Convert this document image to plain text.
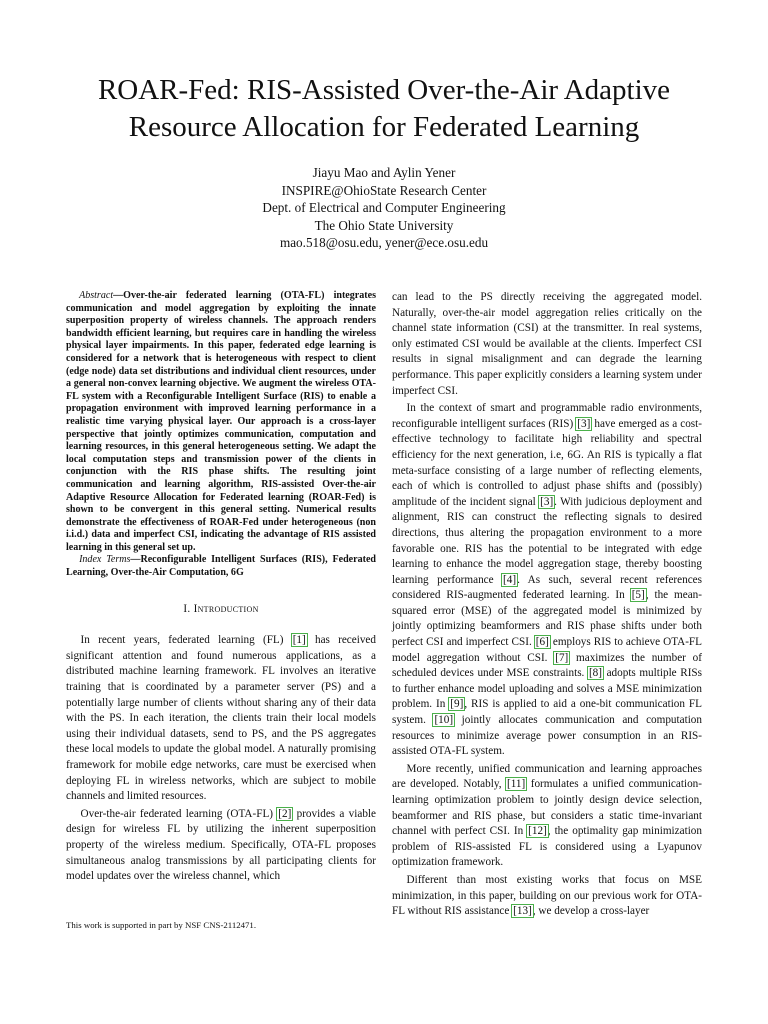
ROAR-Fed: RIS-Assisted Over-the-Air Adaptive Resource Allocation for Federated Learning
Jiayu Mao and Aylin Yener
INSPIRE@OhioState Research Center
Dept. of Electrical and Computer Engineering
The Ohio State University
mao.518@osu.edu, yener@ece.osu.edu

Abstract—Over-the-air federated learning (OTA-FL) integrates communication and model aggregation by exploiting the innate superposition property of wireless channels. The approach renders bandwidth efficient learning, but requires care in handling the wireless physical layer impairments. In this paper, federated edge learning is considered for a network that is heterogeneous with respect to client (edge node) data set distributions and individual client resources, under a general non-convex learning objective. We augment the wireless OTA-FL system with a Reconfigurable Intelligent Surface (RIS) to enable a propagation environment with improved learning performance in a realistic time varying physical layer. Our approach is a cross-layer perspective that jointly optimizes communication, computation and learning resources, in this general heterogeneous setting. We adapt the local computation steps and transmission power of the clients in conjunction with the RIS phase shifts. The resulting joint communication and learning algorithm, RIS-assisted Over-the-air Adaptive Resource Allocation for Federated learning (ROAR-Fed) is shown to be convergent in this general setting. Numerical results demonstrate the effectiveness of ROAR-Fed under heterogeneous (non i.i.d.) data and imperfect CSI, indicating the advantage of RIS assisted learning in this general set up.

Index Terms—Reconfigurable Intelligent Surfaces (RIS), Federated Learning, Over-the-Air Computation, 6G

I. Introduction

In recent years, federated learning (FL) [1] has received significant attention and found numerous applications, as a distributed machine learning framework. FL involves an iterative training that is coordinated by a parameter server (PS) and a potentially large number of clients without sharing any of their data with the PS. In each iteration, the clients train their local models using their individual datasets, send to PS, and the PS aggregates these local models to update the global model. A naturally promising framework for mobile edge networks, care must be exercised when deploying FL in wireless networks, which are subject to mobile channels and limited resources.

Over-the-air federated learning (OTA-FL) [2] provides a viable design for wireless FL by utilizing the inherent superposition property of the wireless medium. Specifically, OTA-FL proposes simultaneous analog transmissions by all participating clients for model updates over the wireless channel, which

can lead to the PS directly receiving the aggregated model. Naturally, over-the-air model aggregation relies critically on the channel state information (CSI) at the transmitter. In real systems, only estimated CSI would be available at the clients. Imperfect CSI results in signal misalignment and can degrade the learning performance. This paper explicitly considers a learning system under imperfect CSI.

In the context of smart and programmable radio environments, reconfigurable intelligent surfaces (RIS) [3] have emerged as a cost-effective technology to facilitate high reliability and spectral efficiency for the next generation, i.e, 6G. An RIS is typically a flat meta-surface consisting of a large number of reflecting elements, each of which is controlled to adjust phase shifts and (possibly) amplitude of the incident signal [3]. With judicious deployment and alignment, RIS can construct the reflecting signals to desired directions, thus altering the propagation environment to a more favorable one. RIS has the potential to be integrated with edge learning to enhance the model aggregation stage, thereby boosting learning performance [4]. As such, several recent references considered RIS-augmented federated learning. In [5], the mean-squared error (MSE) of the aggregated model is minimized by jointly optimizing beamformers and RIS phase shifts under both perfect CSI and imperfect CSI. [6] employs RIS to achieve OTA-FL model aggregation without CSI. [7] maximizes the number of scheduled devices under MSE constraints. [8] adopts multiple RISs to further enhance model uploading and solves a MSE minimization problem. In [9], RIS is applied to aid a one-bit communication FL system. [10] jointly allocates communication and computation resources to minimize average power consumption in an RIS-assisted OTA-FL system.

More recently, unified communication and learning approaches are developed. Notably, [11] formulates a unified communication-learning optimization problem to jointly design device selection, beamformer and RIS phase, but considers a static time-invariant channel with perfect CSI. In [12], the optimality gap minimization problem of RIS-assisted FL is considered using a Lyapunov optimization framework.

Different than most existing works that focus on MSE minimization, in this paper, building on our previous work for OTA-FL without RIS assistance [13], we develop a cross-layer

This work is supported in part by NSF CNS-2112471.
